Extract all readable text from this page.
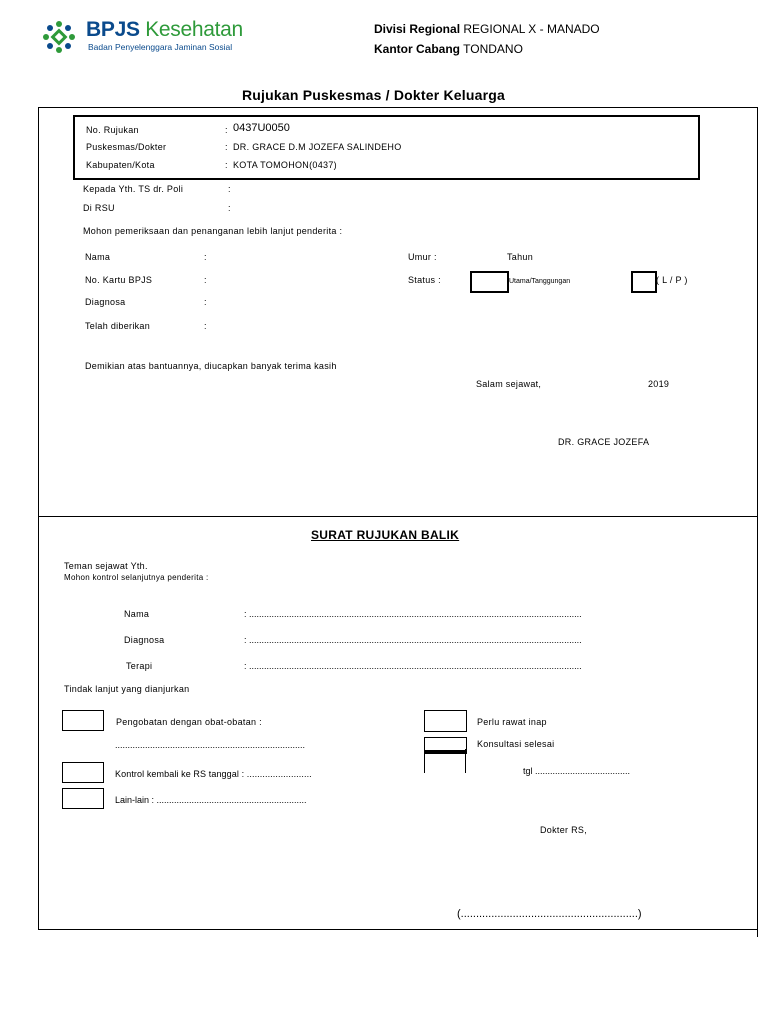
BPJS Kesehatan
Badan Penyelenggara Jaminan Sosial
Divisi Regional REGIONAL X - MANADO
Kantor Cabang TONDANO
Rujukan Puskesmas / Dokter Keluarga
No. Rujukan	: 0437U0050
Puskesmas/Dokter	: DR. GRACE D.M JOZEFA SALINDEHO
Kabupaten/Kota	: KOTA TOMOHON(0437)
Kepada Yth. TS dr. Poli	:
Di RSU	:
Mohon pemeriksaan dan penanganan lebih lanjut penderita :
Nama	:	Umur :	Tahun
No. Kartu BPJS	:	Status :	Utama/Tanggungan	( L / P )
Diagnosa	:
Telah diberikan	:
Demikian atas bantuannya, diucapkan banyak terima kasih
Salam sejawat,	2019
DR. GRACE JOZEFA
SURAT RUJUKAN BALIK
Teman sejawat Yth.
Mohon kontrol selanjutnya penderita :
Nama	: .....................................................................................................................................
Diagnosa	: .....................................................................................................................................
Terapi	: .....................................................................................................................................
Tindak lanjut yang dianjurkan
Pengobatan dengan obat-obatan :
............................................................................
Perlu rawat inap
Konsultasi selesai
Kontrol kembali ke RS tanggal : .........................	tgl ......................................
Lain-lain : ............................................................
Dokter RS,
(..........................................................)
